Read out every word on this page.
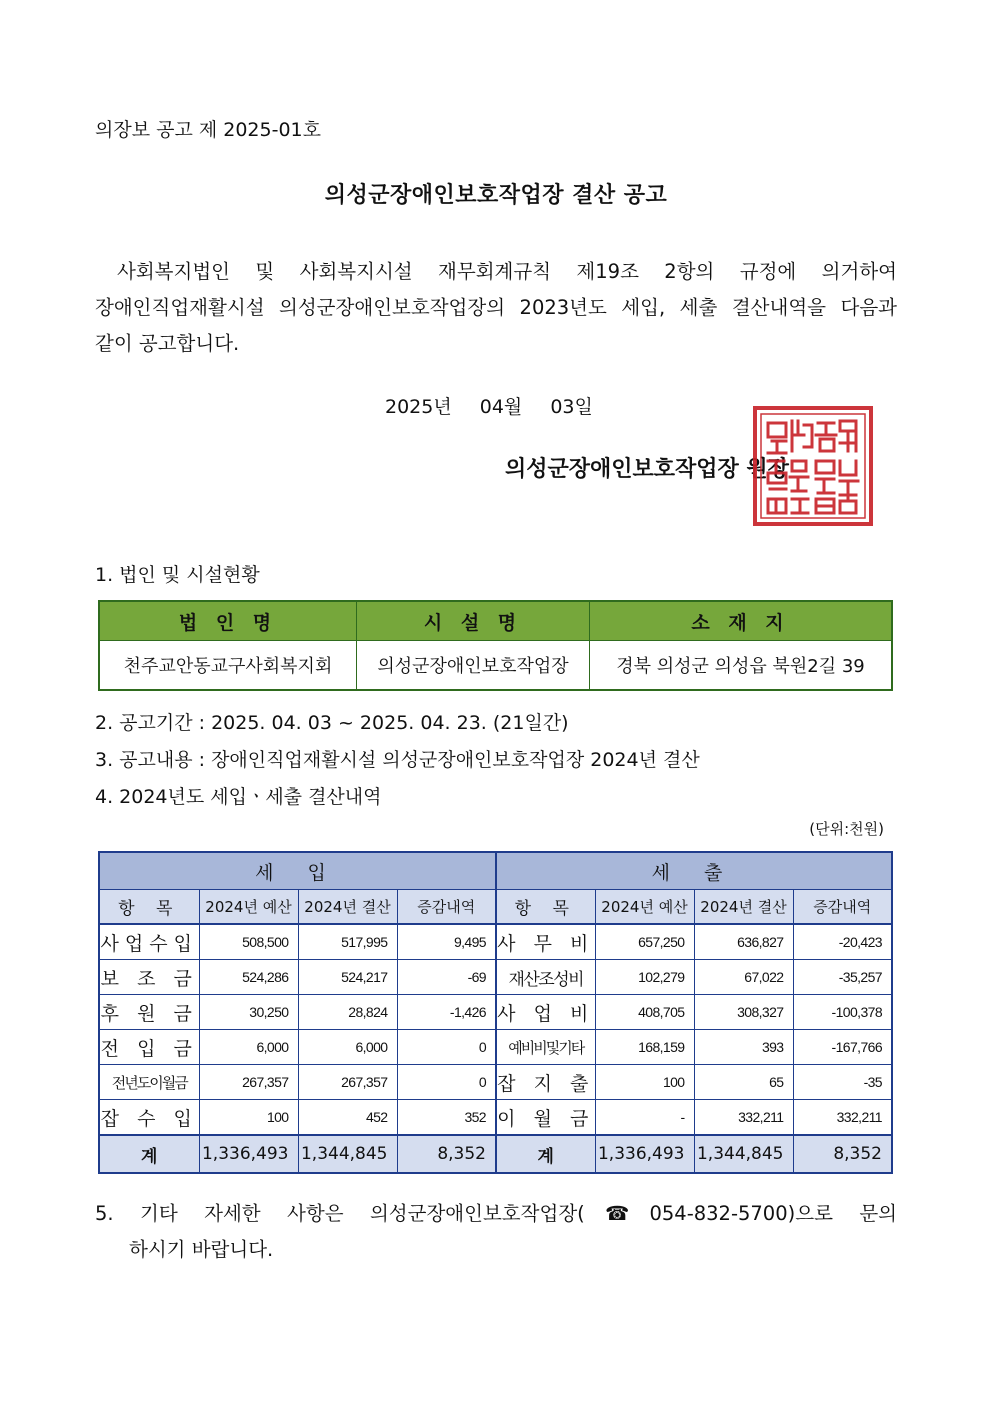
의장보 공고 제 2025-01호
의성군장애인보호작업장 결산 공고
사회복지법인 및 사회복지시설 재무회계규칙 제19조 2항의 규정에 의거하여
장애인직업재활시설 의성군장애인보호작업장의 2023년도 세입, 세출 결산내역을 다음과
같이 공고합니다.
2025년 04월 03일
의성군장애인보호작업장 원장
1. 법인 및 시설현황
법 인 명	시 설 명	소 재 지
천주교안동교구사회복지회	의성군장애인보호작업장	경북 의성군 의성읍 북원2길 39
2. 공고기간 : 2025. 04. 03 ~ 2025. 04. 23. (21일간)
3. 공고내용 : 장애인직업재활시설 의성군장애인보호작업장 2024년 결산
4. 2024년도 세입ㆍ세출 결산내역
(단위:천원)
세 입				세 출			
항 목	2024년 예산	2024년 결산	증감내역	항 목	2024년 예산	2024년 결산	증감내역
사업수입	508,500	517,995	9,495	사 무 비	657,250	636,827	-20,423
보 조 금	524,286	524,217	-69	재산조성비	102,279	67,022	-35,257
후 원 금	30,250	28,824	-1,426	사 업 비	408,705	308,327	-100,378
전 입 금	6,000	6,000	0	예비비및기타	168,159	393	-167,766
전년도이월금	267,357	267,357	0	잡 지 출	100	65	-35
잡 수 입	100	452	352	이 월 금	-	332,211	332,211
계	1,336,493	1,344,845	8,352	계	1,336,493	1,344,845	8,352
5. 기타 자세한 사항은 의성군장애인보호작업장(☎054-832-5700)으로 문의
하시기 바랍니다.
